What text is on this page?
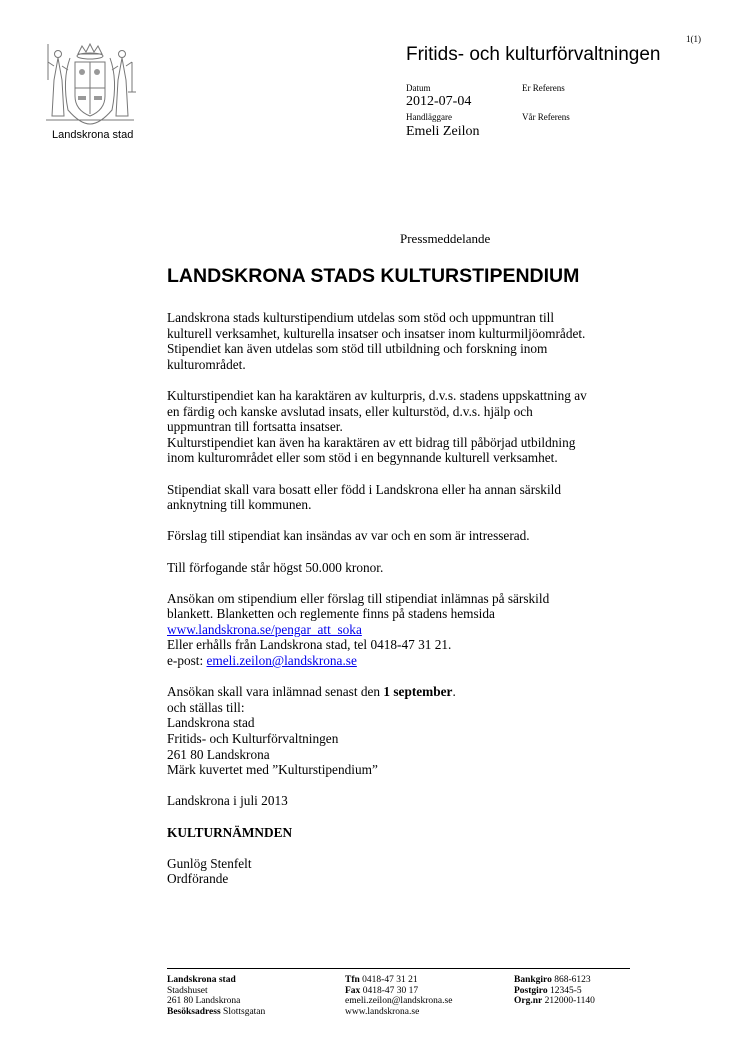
1(1)
Landskrona stad
Fritids- och kulturförvaltningen
Datum	Er Referens
2012-07-04
Handläggare	Vår Referens
Emeli Zeilon
Pressmeddelande
LANDSKRONA STADS KULTURSTIPENDIUM

Landskrona stads kulturstipendium utdelas som stöd och uppmuntran till
kulturell verksamhet, kulturella insatser och insatser inom kulturmiljöområdet.
Stipendiet kan även utdelas som stöd till utbildning och forskning inom
kulturområdet.

Kulturstipendiet kan ha karaktären av kulturpris, d.v.s. stadens uppskattning av
en färdig och kanske avslutad insats, eller kulturstöd, d.v.s. hjälp och
uppmuntran till fortsatta insatser.
Kulturstipendiet kan även ha karaktären av ett bidrag till påbörjad utbildning
inom kulturområdet eller som stöd i en begynnande kulturell verksamhet.

Stipendiat skall vara bosatt eller född i Landskrona eller ha annan särskild
anknytning till kommunen.

Förslag till stipendiat kan insändas av var och en som är intresserad.

Till förfogande står högst 50.000 kronor.

Ansökan om stipendium eller förslag till stipendiat inlämnas på särskild
blankett. Blanketten och reglemente finns på stadens hemsida
www.landskrona.se/pengar_att_soka
Eller erhålls från Landskrona stad, tel 0418-47 31 21.
e-post: emeli.zeilon@landskrona.se

Ansökan skall vara inlämnad senast den 1 september.
och ställas till:
Landskrona stad
Fritids- och Kulturförvaltningen
261 80 Landskrona
Märk kuvertet med ”Kulturstipendium”

Landskrona i juli 2013

KULTURNÄMNDEN

Gunlög Stenfelt
Ordförande

Landskrona stad
Stadshuset
261 80 Landskrona
Besöksadress Slottsgatan
Tfn 0418-47 31 21
Fax 0418-47 30 17
emeli.zeilon@landskrona.se
www.landskrona.se
Bankgiro 868-6123
Postgiro 12345-5
Org.nr 212000-1140
